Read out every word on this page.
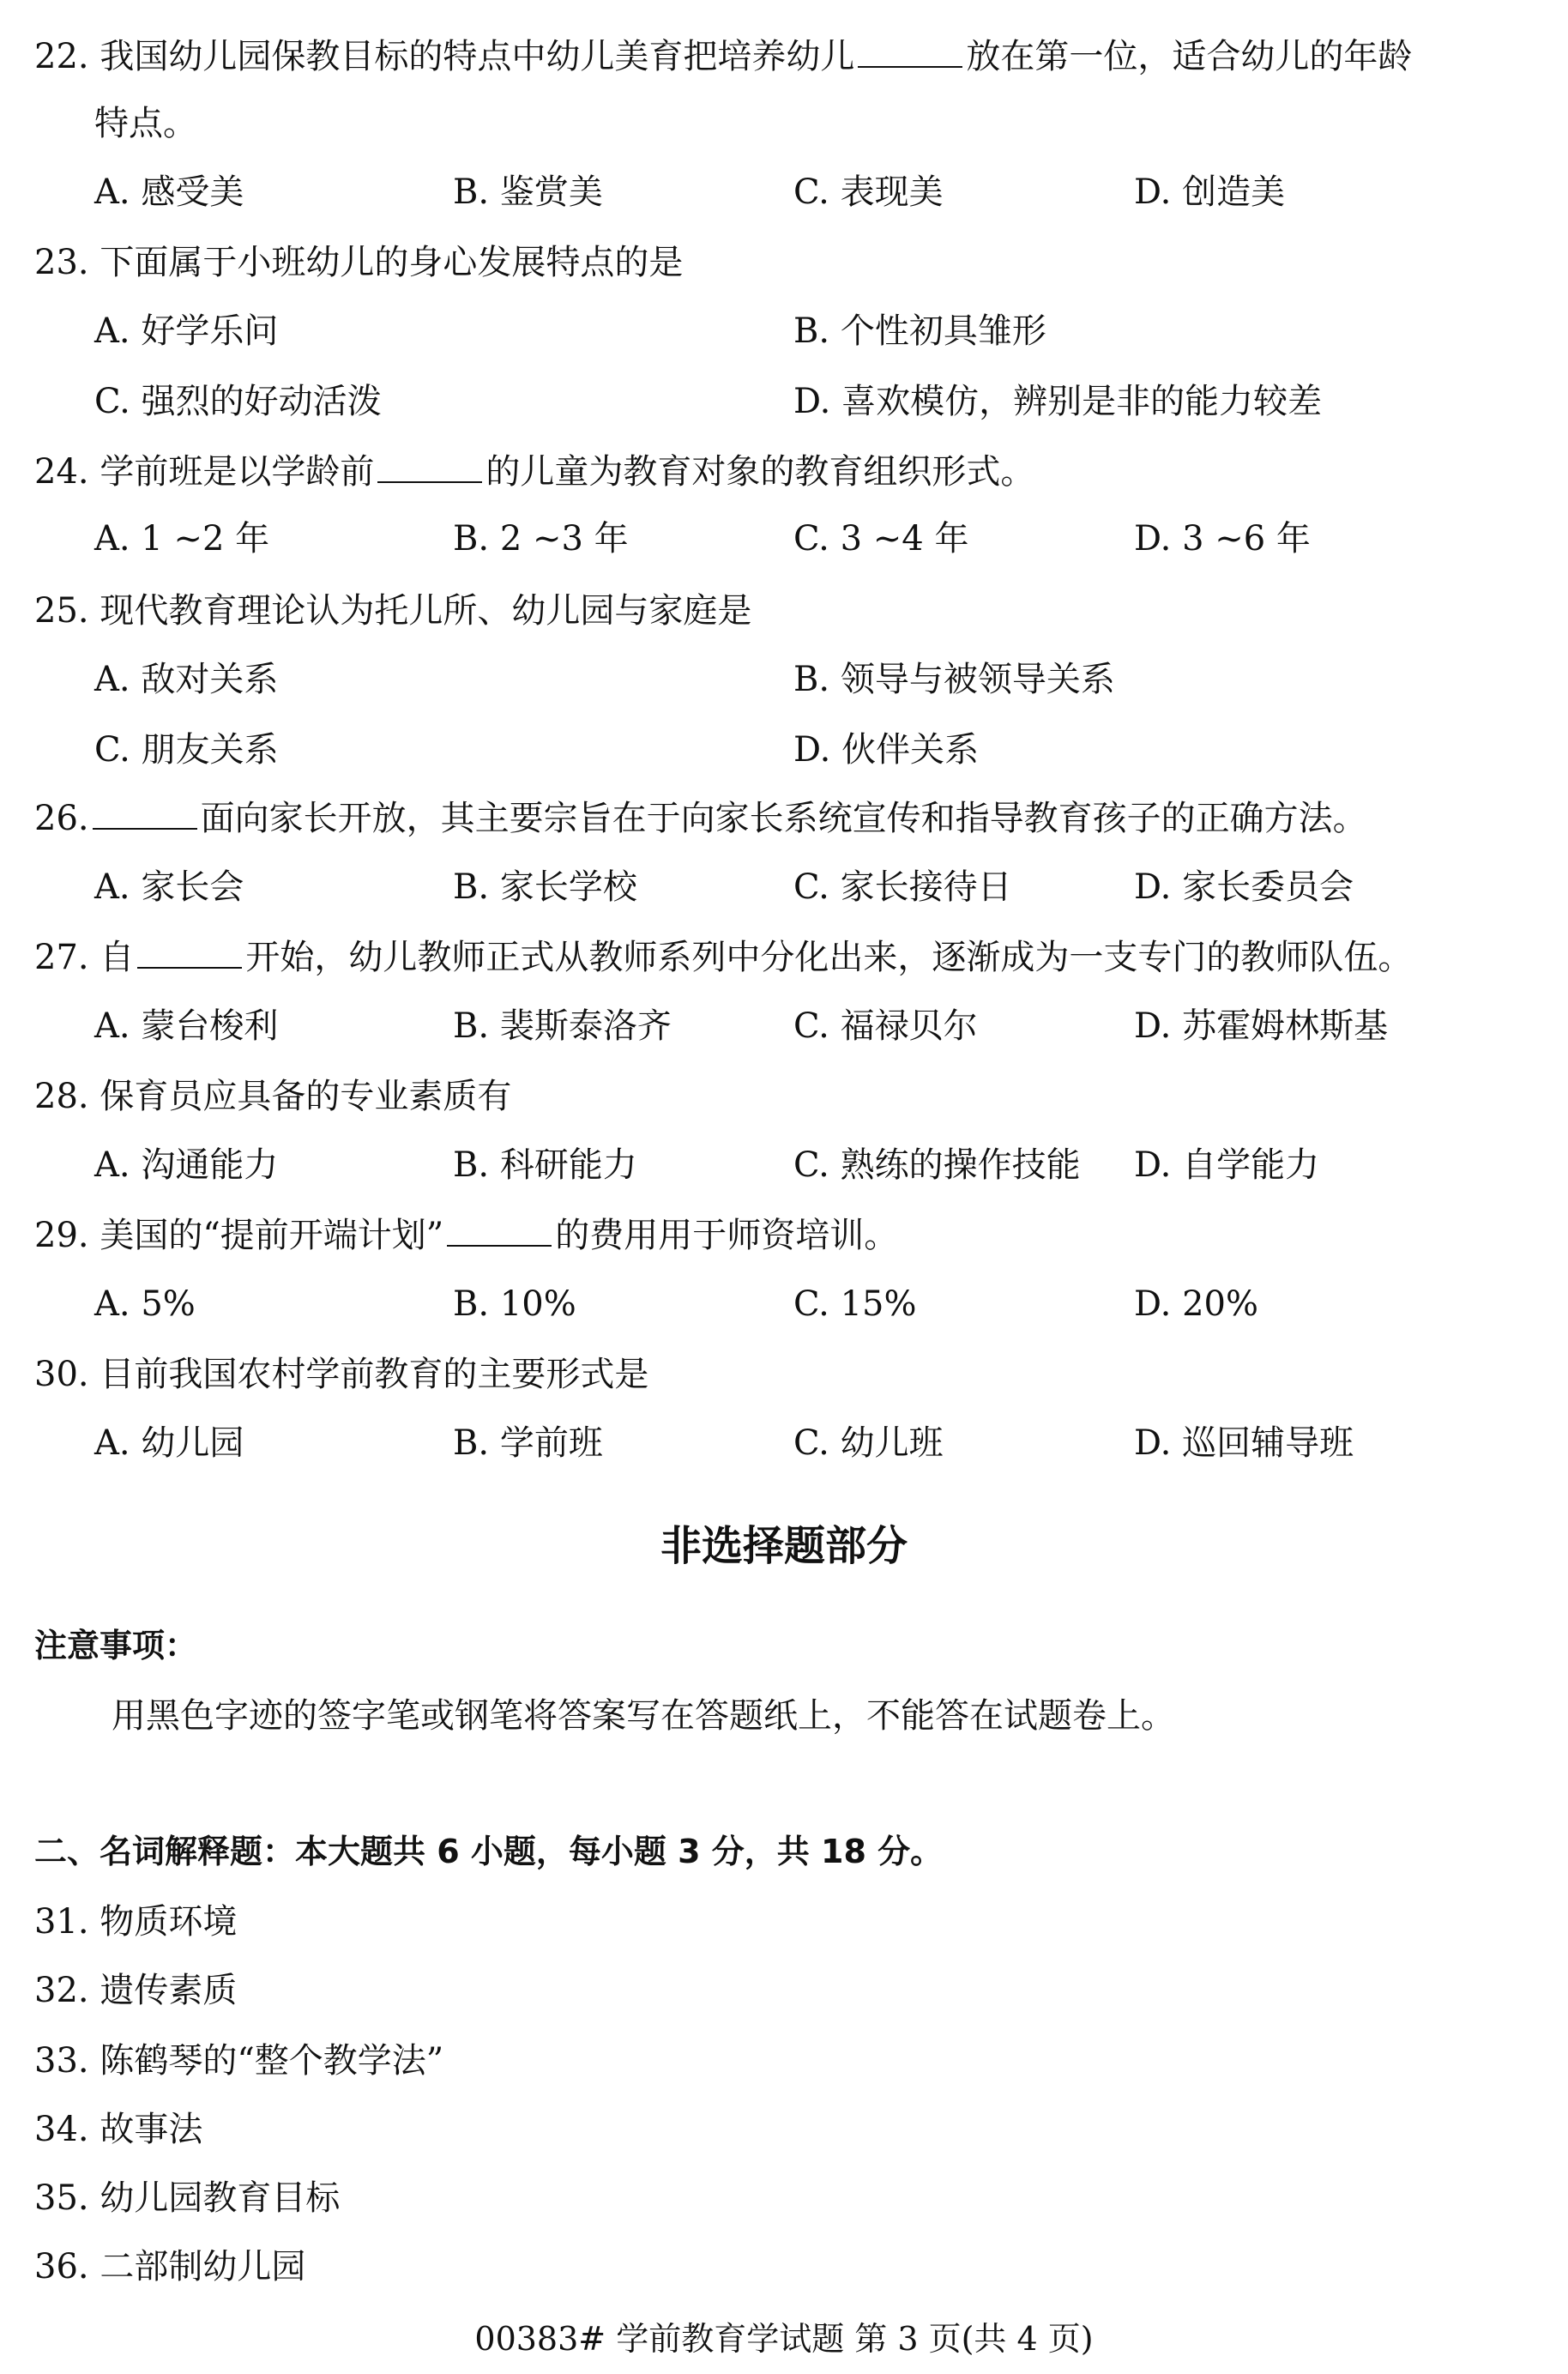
22. 我国幼儿园保教目标的特点中幼儿美育把培养幼儿	放在第一位，适合幼儿的年龄
特点。
A. 感受美	B. 鉴赏美	C. 表现美	D. 创造美
23. 下面属于小班幼儿的身心发展特点的是
A. 好学乐问	B. 个性初具雏形
C. 强烈的好动活泼	D. 喜欢模仿，辨别是非的能力较差
24. 学前班是以学龄前	的儿童为教育对象的教育组织形式。
A. 1 ~2 年	B. 2 ~3 年	C. 3 ~4 年	D. 3 ~6 年
25. 现代教育理论认为托儿所、幼儿园与家庭是
A. 敌对关系	B. 领导与被领导关系
C. 朋友关系	D. 伙伴关系
26.	面向家长开放，其主要宗旨在于向家长系统宣传和指导教育孩子的正确方法。
A. 家长会	B. 家长学校	C. 家长接待日	D. 家长委员会
27. 自	开始，幼儿教师正式从教师系列中分化出来，逐渐成为一支专门的教师队伍。
A. 蒙台梭利	B. 裴斯泰洛齐	C. 福禄贝尔	D. 苏霍姆林斯基
28. 保育员应具备的专业素质有
A. 沟通能力	B. 科研能力	C. 熟练的操作技能 D. 自学能力
29. 美国的“提前开端计划”	的费用用于师资培训。
A. 5%	B. 10%	C. 15%	D. 20%
30. 目前我国农村学前教育的主要形式是
A. 幼儿园	B. 学前班	C. 幼儿班	D. 巡回辅导班
非选择题部分
注意事项：
用黑色字迹的签字笔或钢笔将答案写在答题纸上，不能答在试题卷上。
二、名词解释题：本大题共 6 小题，每小题 3 分，共 18 分。
31. 物质环境
32. 遗传素质
33. 陈鹤琴的“整个教学法”
34. 故事法
35. 幼儿园教育目标
36. 二部制幼儿园
00383# 学前教育学试题 第 3 页(共 4 页)
